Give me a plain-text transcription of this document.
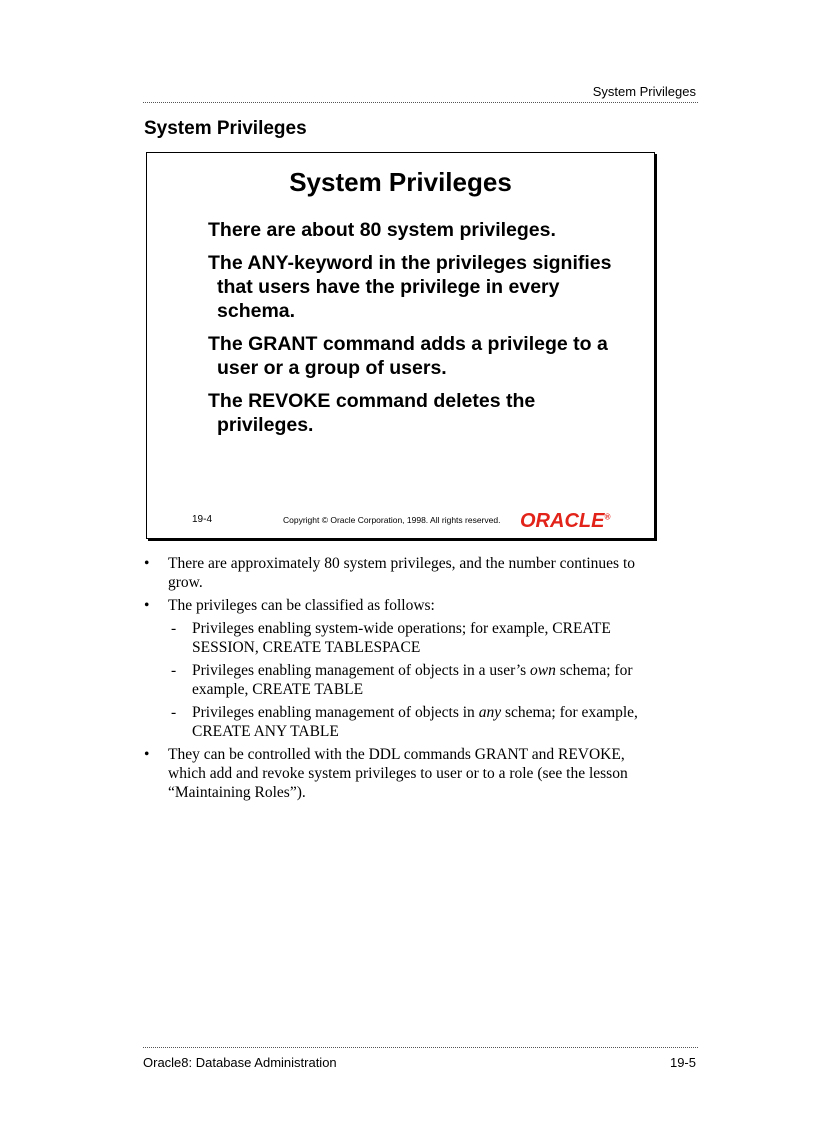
System Privileges
System Privileges
System Privileges
There are about 80 system privileges.
The ANY-keyword in the privileges signifies that users have the privilege in every schema.
The GRANT command adds a privilege to a user or a group of users.
The REVOKE command deletes the privileges.
19-4	Copyright © Oracle Corporation, 1998. All rights reserved. ORACLE®
• There are approximately 80 system privileges, and the number continues to grow.
• The privileges can be classified as follows:
- Privileges enabling system-wide operations; for example, CREATE SESSION, CREATE TABLESPACE
- Privileges enabling management of objects in a user’s own schema; for example, CREATE TABLE
- Privileges enabling management of objects in any schema; for example, CREATE ANY TABLE
• They can be controlled with the DDL commands GRANT and REVOKE, which add and revoke system privileges to user or to a role (see the lesson “Maintaining Roles”).
Oracle8: Database Administration	19-5
